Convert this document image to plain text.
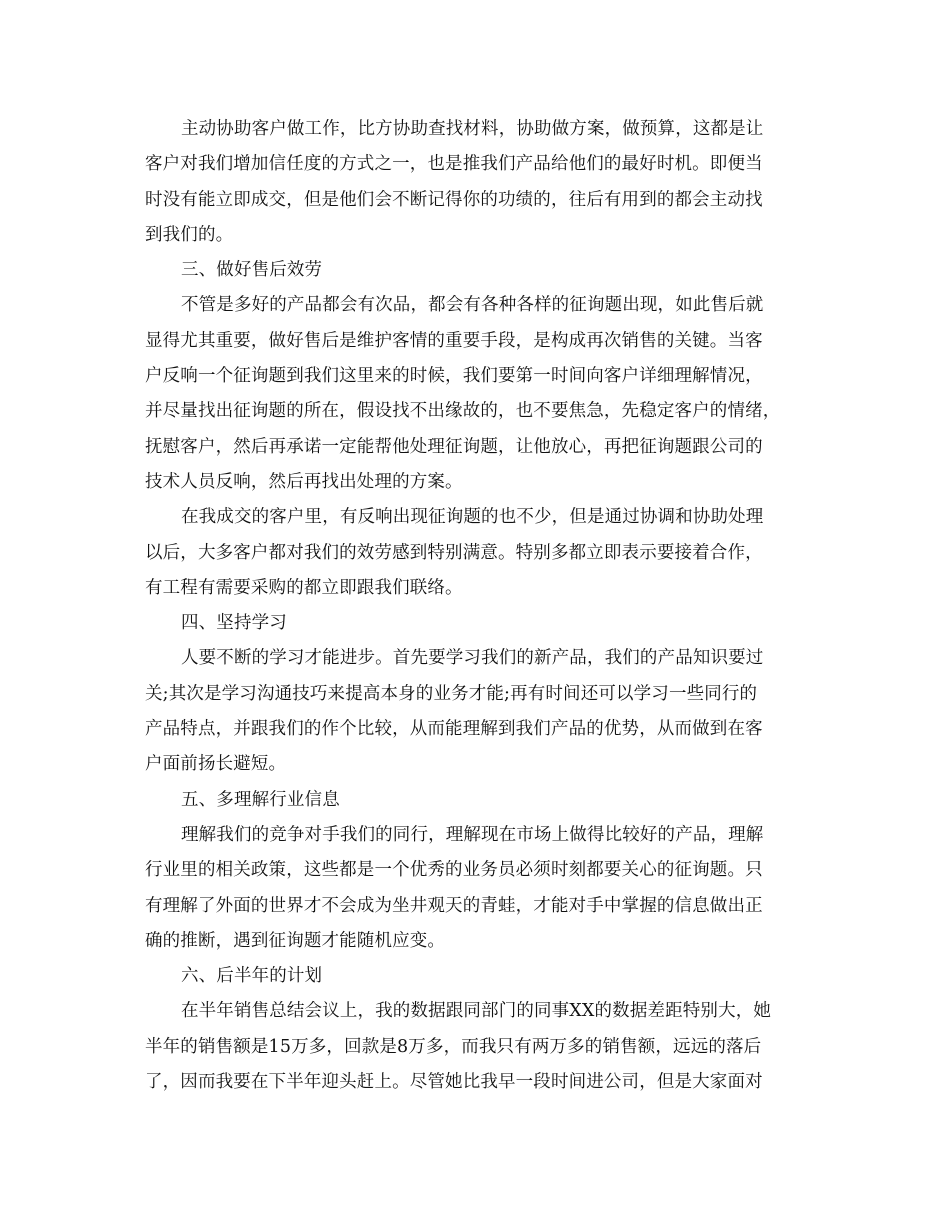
主动协助客户做工作，比方协助查找材料，协助做方案，做预算，这都是让
客户对我们增加信任度的方式之一，也是推我们产品给他们的最好时机。即便当
时没有能立即成交，但是他们会不断记得你的功绩的，往后有用到的都会主动找
到我们的。
三、做好售后效劳
不管是多好的产品都会有次品，都会有各种各样的征询题出现，如此售后就
显得尤其重要，做好售后是维护客情的重要手段，是构成再次销售的关键。当客
户反响一个征询题到我们这里来的时候，我们要第一时间向客户详细理解情况，
并尽量找出征询题的所在，假设找不出缘故的，也不要焦急，先稳定客户的情绪，
抚慰客户，然后再承诺一定能帮他处理征询题，让他放心，再把征询题跟公司的
技术人员反响，然后再找出处理的方案。
在我成交的客户里，有反响出现征询题的也不少，但是通过协调和协助处理
以后，大多客户都对我们的效劳感到特别满意。特别多都立即表示要接着合作，
有工程有需要采购的都立即跟我们联络。
四、坚持学习
人要不断的学习才能进步。首先要学习我们的新产品，我们的产品知识要过
关;其次是学习沟通技巧来提高本身的业务才能;再有时间还可以学习一些同行的
产品特点，并跟我们的作个比较，从而能理解到我们产品的优势，从而做到在客
户面前扬长避短。
五、多理解行业信息
理解我们的竞争对手我们的同行，理解现在市场上做得比较好的产品，理解
行业里的相关政策，这些都是一个优秀的业务员必须时刻都要关心的征询题。只
有理解了外面的世界才不会成为坐井观天的青蛙，才能对手中掌握的信息做出正
确的推断，遇到征询题才能随机应变。
六、后半年的计划
在半年销售总结会议上，我的数据跟同部门的同事XX的数据差距特别大，她
半年的销售额是15万多，回款是8万多，而我只有两万多的销售额，远远的落后
了，因而我要在下半年迎头赶上。尽管她比我早一段时间进公司，但是大家面对
